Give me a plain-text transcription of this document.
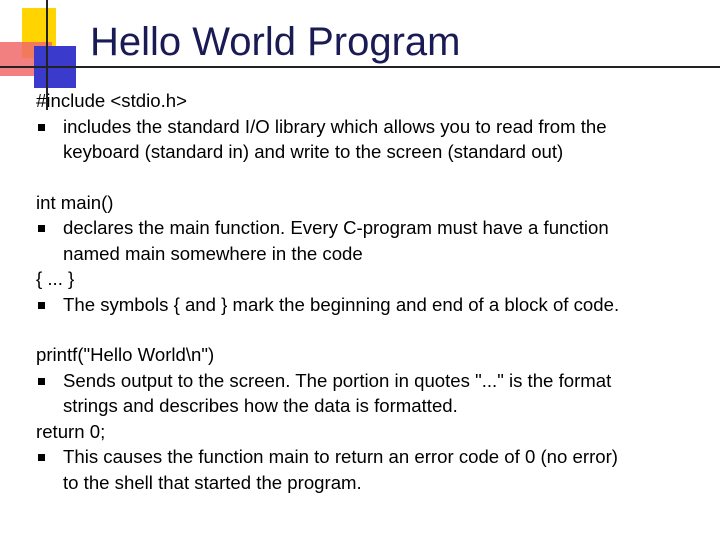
Hello World Program
#include <stdio.h>
includes the standard I/O library which allows you to read from the
keyboard (standard in) and write to the screen (standard out)
int main()
declares the main function. Every C-program must have a function
named main somewhere in the code
{ ... }
The symbols { and } mark the beginning and end of a block of code.
printf("Hello World\n")
Sends output to the screen. The portion in quotes "..." is the format
strings and describes how the data is formatted.
return 0;
This causes the function main to return an error code of 0 (no error)
to the shell that started the program.
